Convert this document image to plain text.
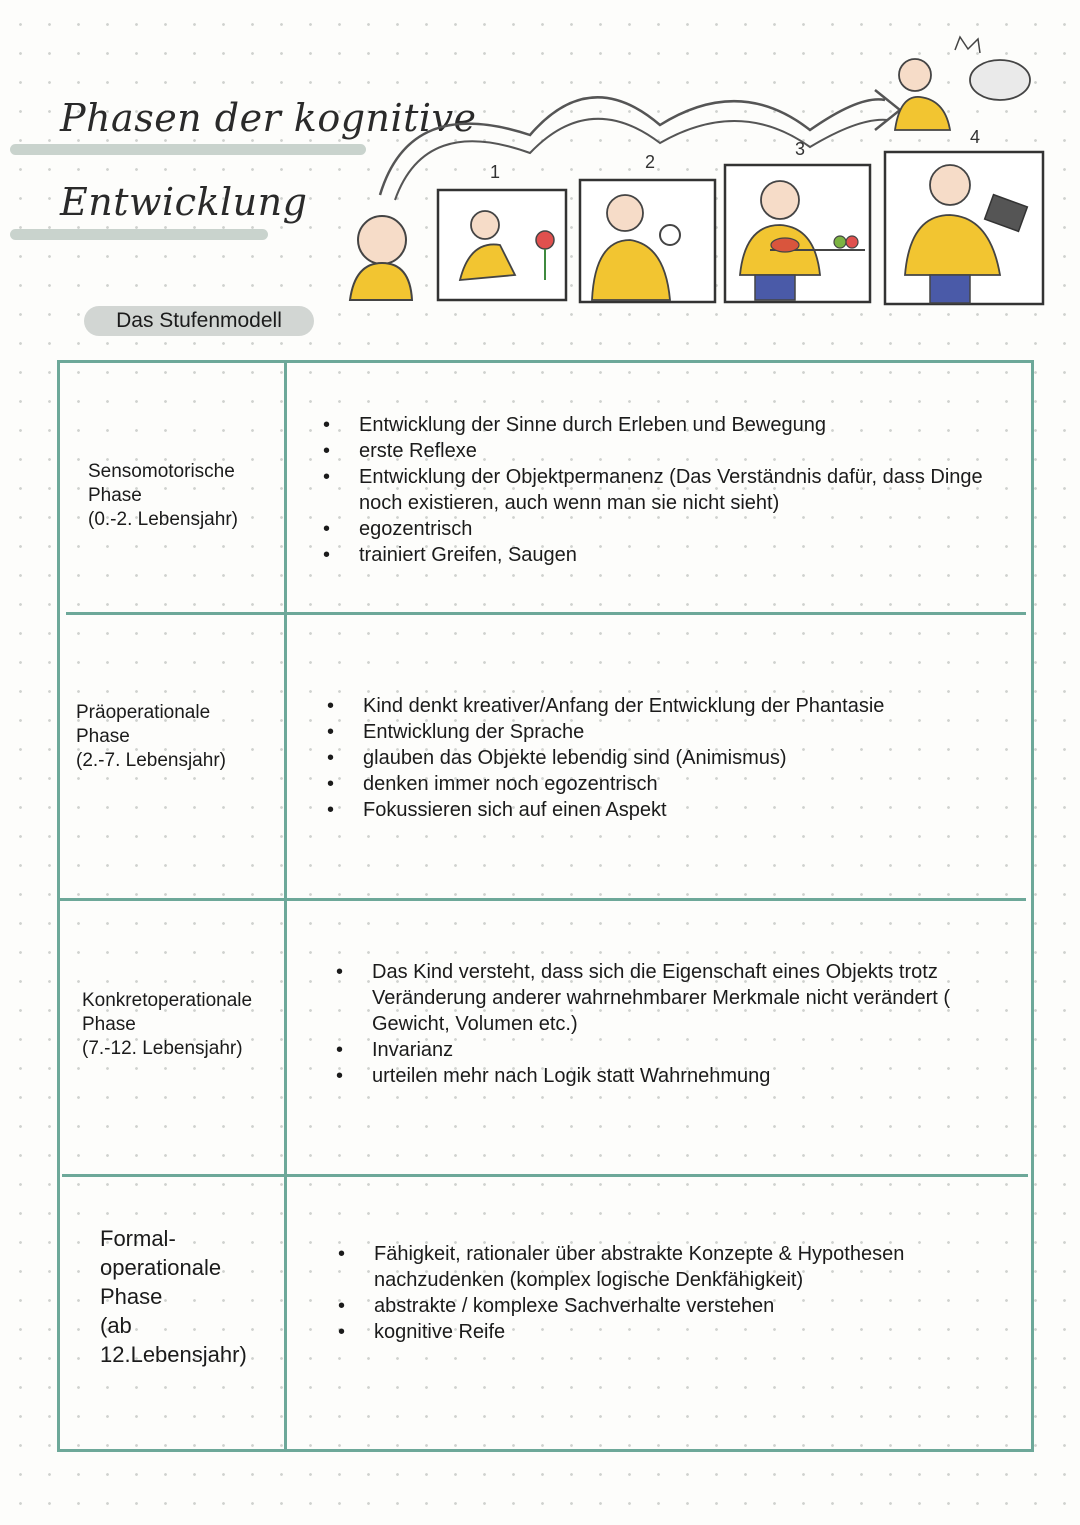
Phasen der kognitive
Entwicklung
Das Stufenmodell
1	2
3
4
Sensomotorische
Phase
(0.-2. Lebensjahr)
• Entwicklung der Sinne durch Erleben und Bewegung
• erste Reflexe
• Entwicklung der Objektpermanenz (Das Verständnis dafür, dass Dinge noch existieren, auch wenn man sie nicht sieht)
• egozentrisch
• trainiert Greifen, Saugen
Präoperationale
Phase
(2.-7. Lebensjahr)
• Kind denkt kreativer/Anfang der Entwicklung der Phantasie
• Entwicklung der Sprache
• glauben das Objekte lebendig sind (Animismus)
• denken immer noch egozentrisch
• Fokussieren sich auf einen Aspekt
Konkretoperationale
Phase
(7.-12. Lebensjahr)
• Das Kind versteht, dass sich die Eigenschaft eines Objekts trotz Veränderung anderer wahrnehmbarer Merkmale nicht verändert ( Gewicht, Volumen etc.)
• Invarianz
• urteilen mehr nach Logik statt Wahrnehmung
Formal-
operationale
Phase
(ab
12.Lebensjahr)
• Fähigkeit, rationaler über abstrakte Konzepte & Hypothesen nachzudenken (komplex logische Denkfähigkeit)
• abstrakte / komplexe Sachverhalte verstehen
• kognitive Reife
